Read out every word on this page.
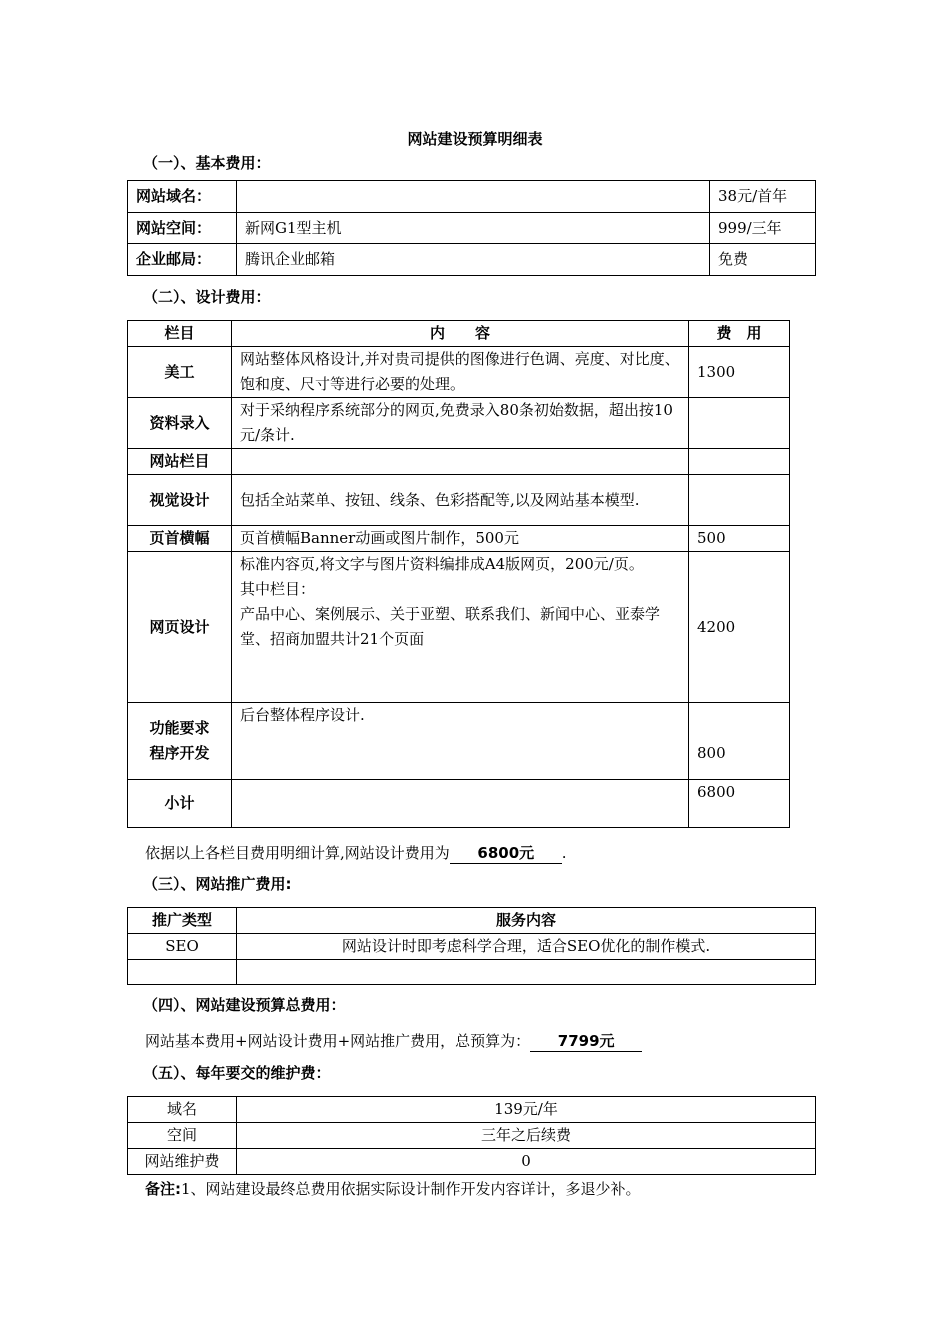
网站建设预算明细表
（一）、基本费用：
网站域名：		38元/首年
网站空间：	新网G1型主机	999/三年
企业邮局：	腾讯企业邮箱	免费
（二）、设计费用：
栏目	内　　容	费　用
美工	网站整体风格设计,并对贵司提供的图像进行色调、亮度、对比度、饱和度、尺寸等进行必要的处理。	1300
资料录入	对于采纳程序系统部分的网页,免费录入80条初始数据，超出按10元/条计.	
网站栏目		
视觉设计	包括全站菜单、按钮、线条、色彩搭配等,以及网站基本模型.	
页首横幅	页首横幅Banner动画或图片制作，500元	500
网页设计	标准内容页,将文字与图片资料编排成A4版网页，200元/页。
其中栏目：
产品中心、案例展示、关于亚塑、联系我们、新闻中心、亚泰学堂、招商加盟共计21个页面	4200

功能要求
程序开发	后台整体程序设计.	800
小计		6800
依据以上各栏目费用明细计算,网站设计费用为 6800元 .
（三）、网站推广费用:
推广类型	服务内容
SEO	网站设计时即考虑科学合理，适合SEO优化的制作模式.

（四）、网站建设预算总费用：
网站基本费用+网站设计费用+网站推广费用，总预算为： 7799元
（五）、每年要交的维护费：
域名	139元/年
空间	三年之后续费
网站维护费	0
备注:1、网站建设最终总费用依据实际设计制作开发内容详计，多退少补。
